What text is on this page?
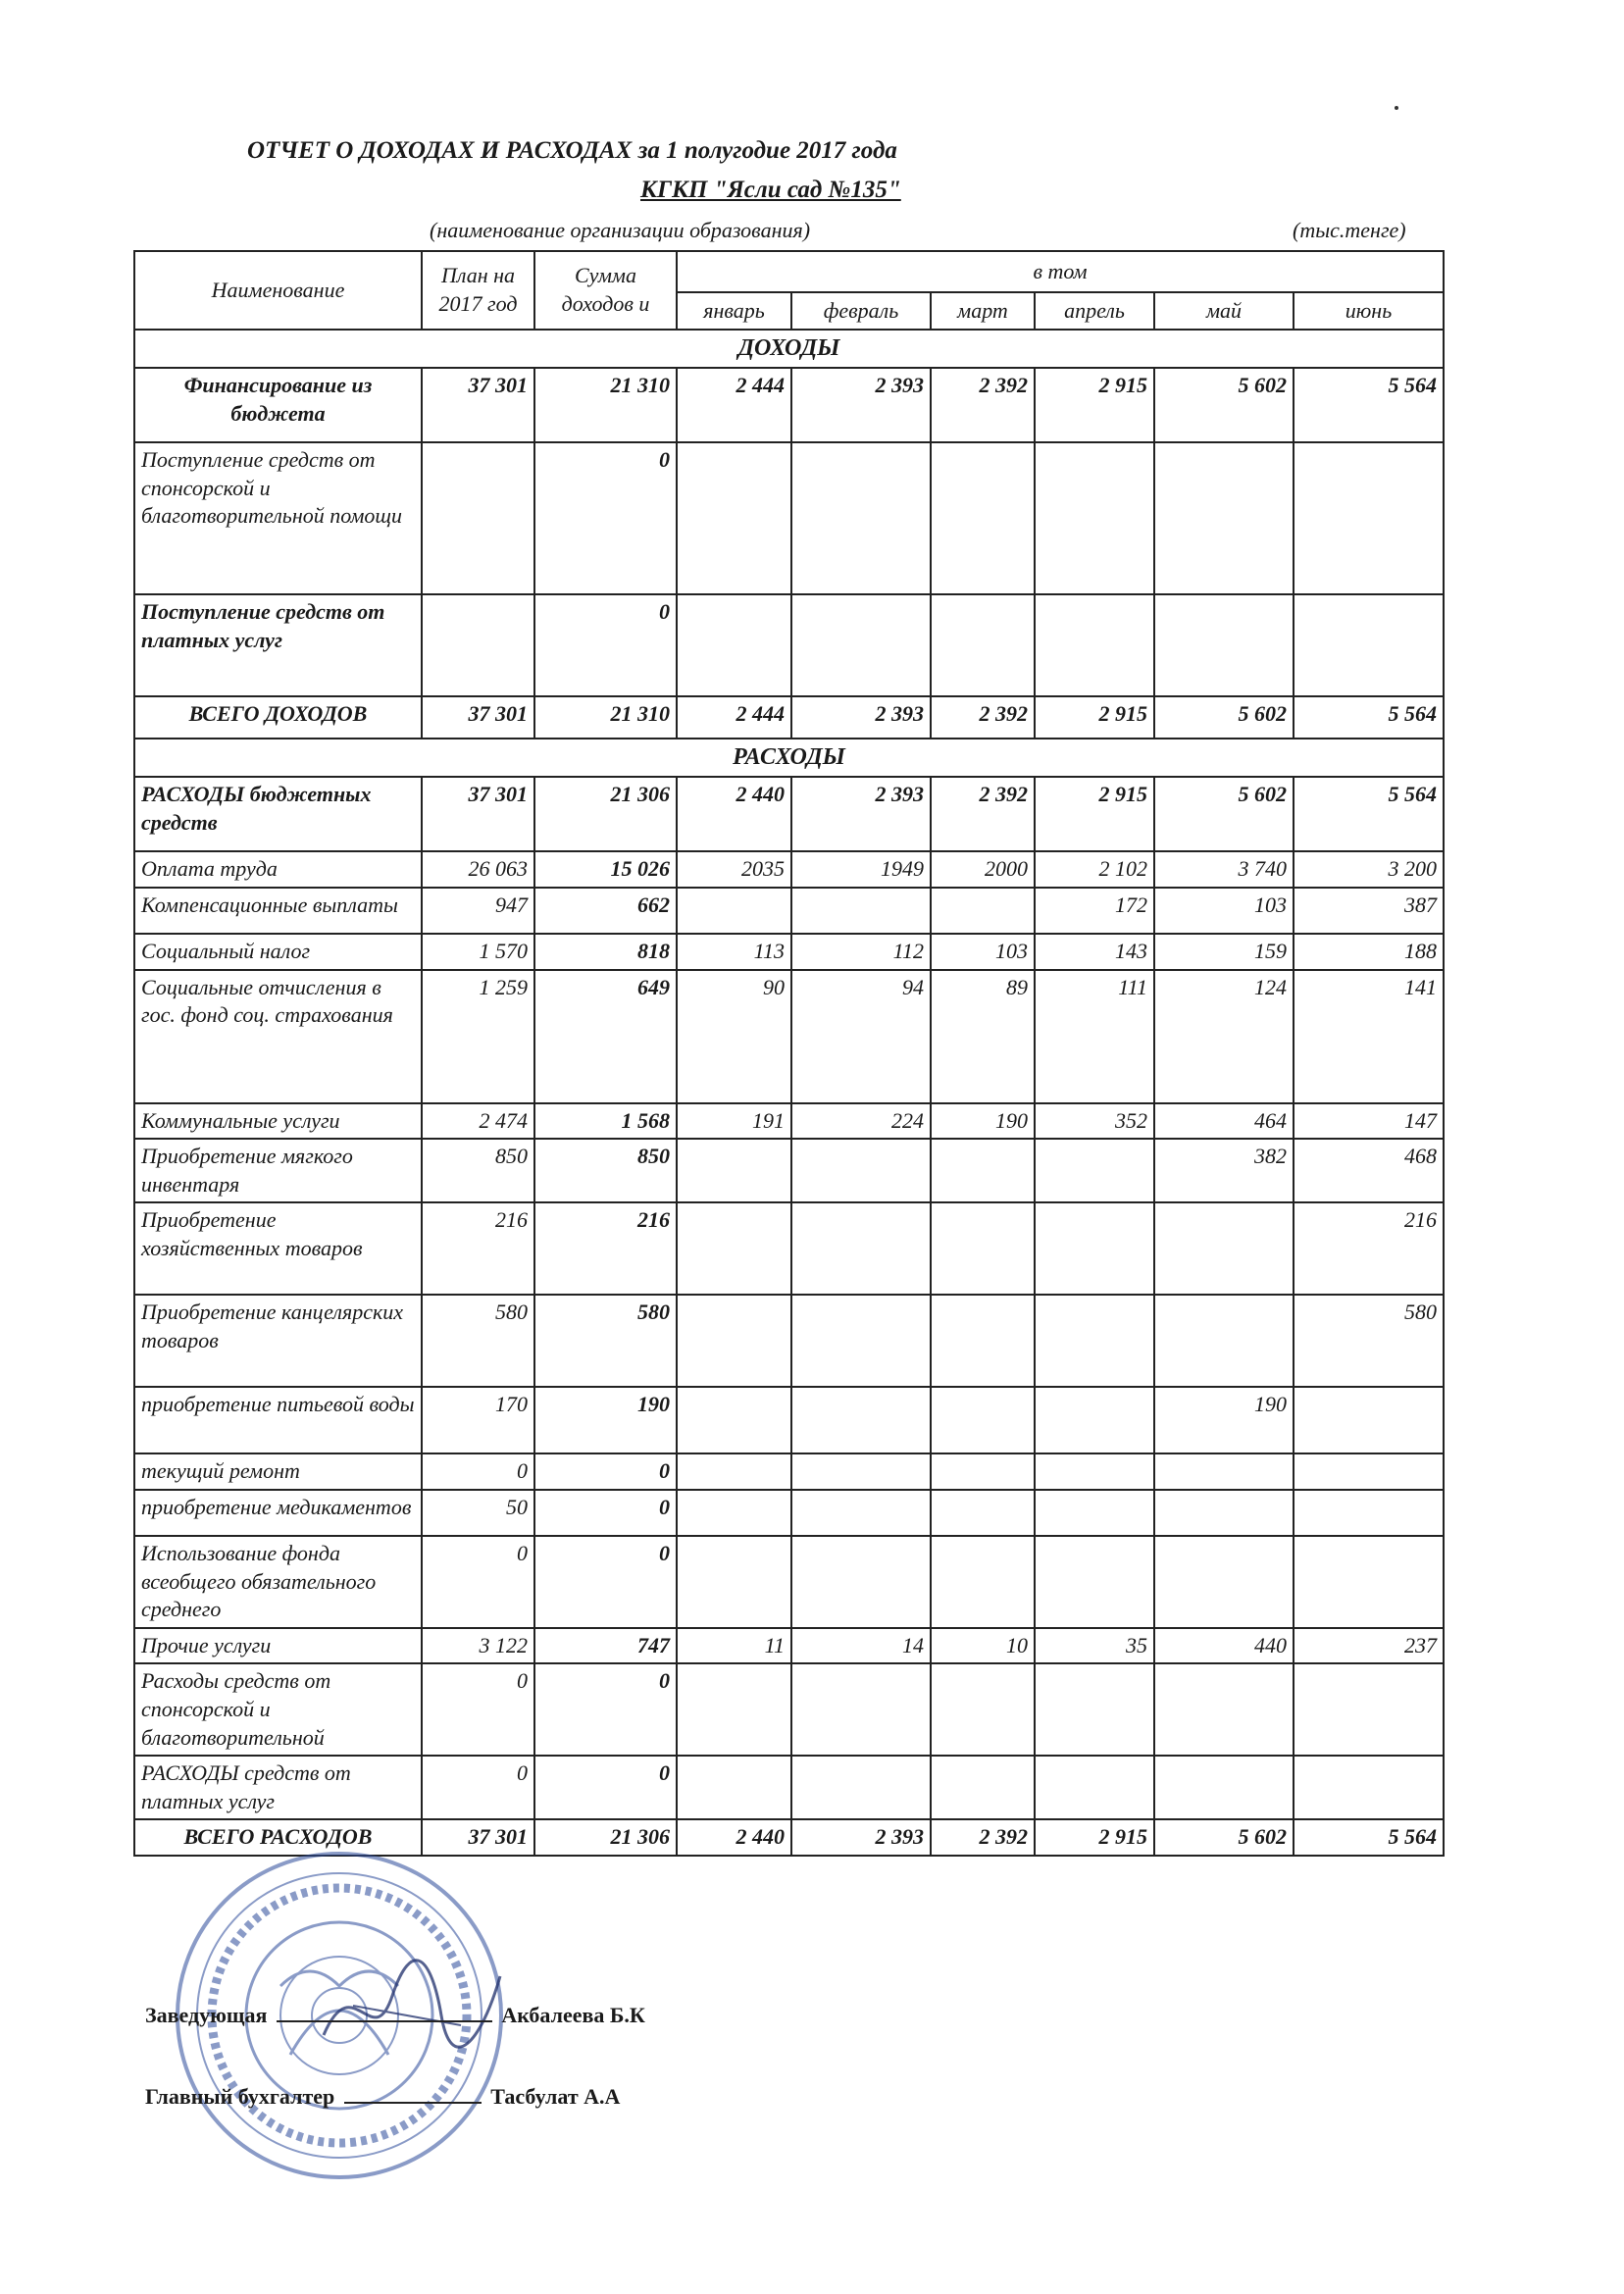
ОТЧЕТ О ДОХОДАХ И РАСХОДАХ за 1 полугодие 2017 года
КГКП "Ясли сад №135"
(наименование организации образования)	(тыс.тенге)
Наименование	План на 2017 год	Сумма доходов и	в том					
			январь	февраль	март	апрель	май	июнь
ДОХОДЫ								
Финансирование из бюджета	37 301	21 310	2 444	2 393	2 392	2 915	5 602	5 564
Поступление средств от спонсорской и благотворительной помощи		0						
Поступление средств от платных услуг		0						
ВСЕГО ДОХОДОВ	37 301	21 310	2 444	2 393	2 392	2 915	5 602	5 564
РАСХОДЫ								
РАСХОДЫ бюджетных средств	37 301	21 306	2 440	2 393	2 392	2 915	5 602	5 564
Оплата труда	26 063	15 026	2035	1949	2000	2 102	3 740	3 200
Компенсационные выплаты	947	662				172	103	387
Социальный налог	1 570	818	113	112	103	143	159	188
Социальные отчисления в гос. фонд соц. страхования	1 259	649	90	94	89	111	124	141
Коммунальные услуги	2 474	1 568	191	224	190	352	464	147
Приобретение мягкого инвентаря	850	850					382	468
Приобретение хозяйственных товаров	216	216						216
Приобретение канцелярских товаров	580	580						580
приобретение питьевой воды	170	190					190	
текущий ремонт	0	0						
приобретение медикаментов	50	0						
Использование фонда всеобщего обязательного среднего	0	0						
Прочие услуги	3 122	747	11	14	10	35	440	237
Расходы средств от спонсорской и благотворительной	0	0						
РАСХОДЫ средств от платных услуг	0	0						
ВСЕГО РАСХОДОВ	37 301	21 306	2 440	2 393	2 392	2 915	5 602	5 564
Заведующая	Акбалеева Б.К
Главный бухгалтер	Тасбулат А.А
